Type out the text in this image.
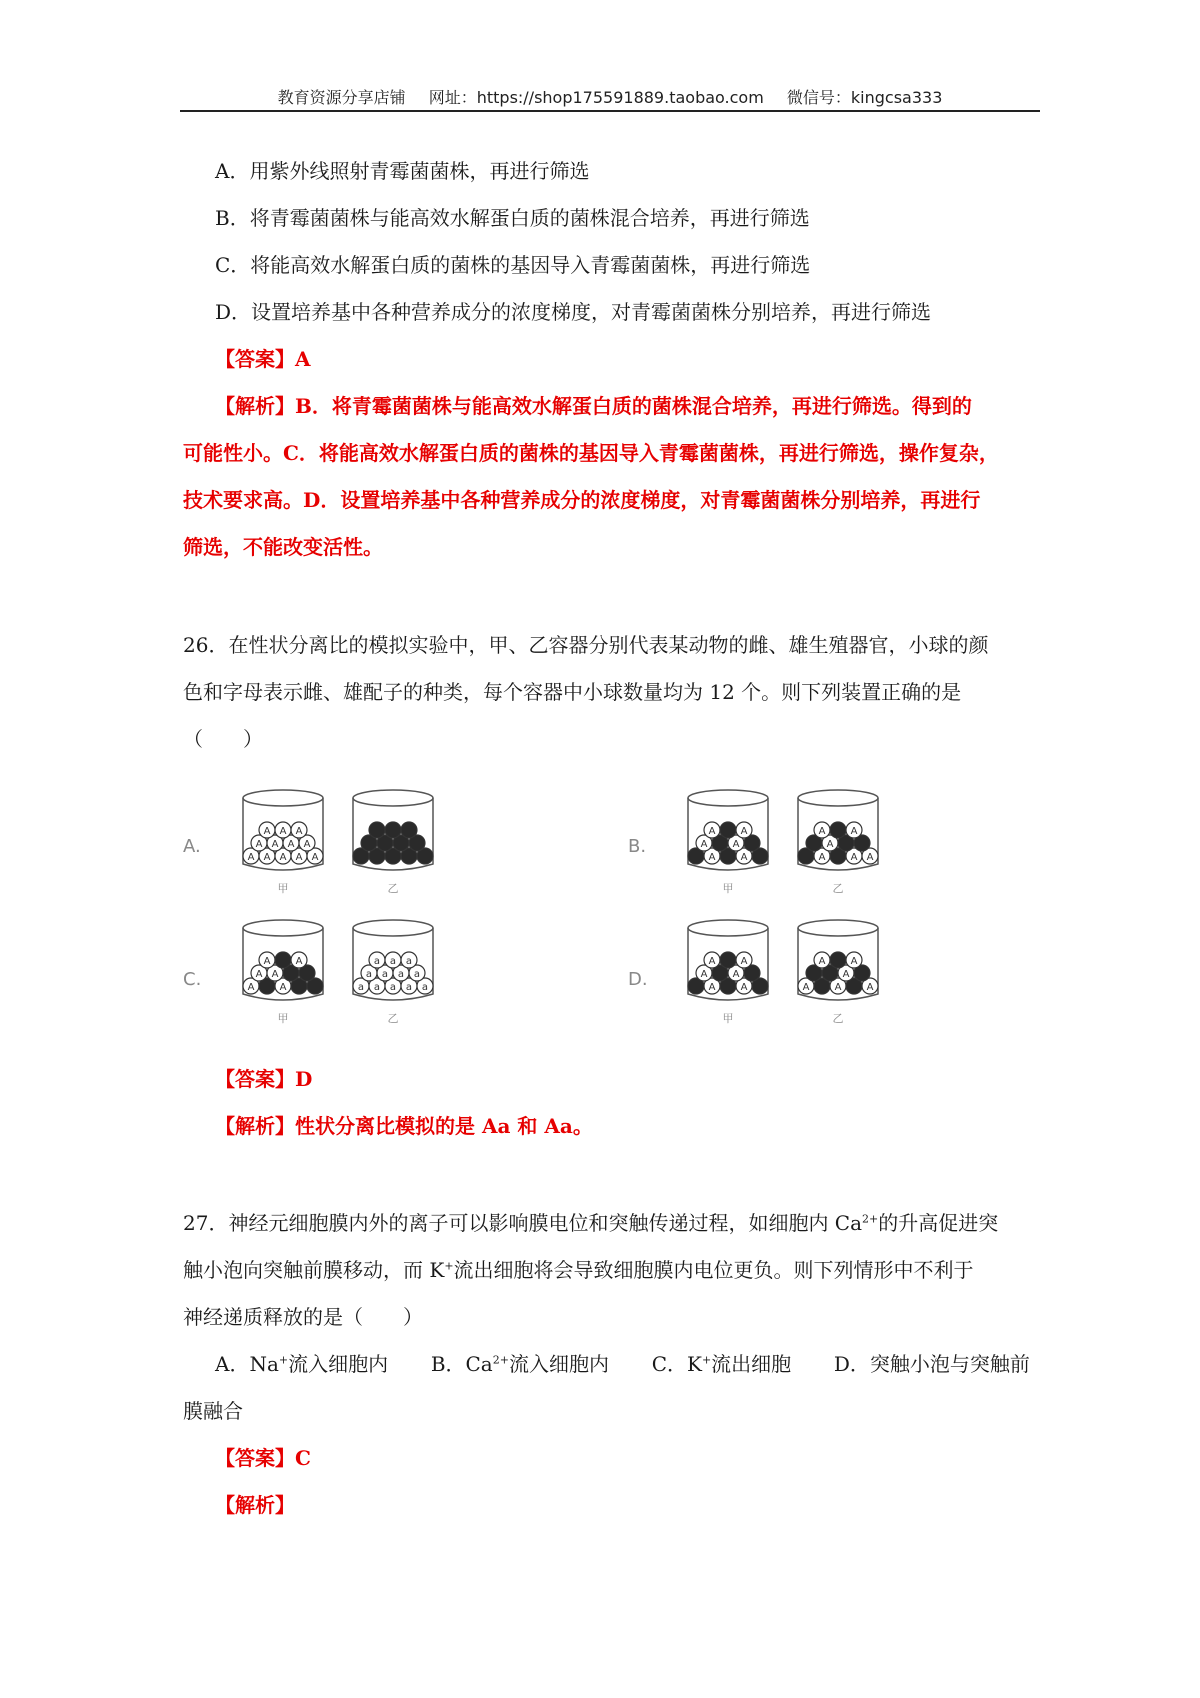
教育资源分享店铺 网址：https://shop175591889.taobao.com 微信号：kingcsa333
A．用紫外线照射青霉菌菌株，再进行筛选
B．将青霉菌菌株与能高效水解蛋白质的菌株混合培养，再进行筛选
C．将能高效水解蛋白质的菌株的基因导入青霉菌菌株，再进行筛选
D．设置培养基中各种营养成分的浓度梯度，对青霉菌菌株分别培养，再进行筛选
【答案】A
【解析】B．将青霉菌菌株与能高效水解蛋白质的菌株混合培养，再进行筛选。得到的
可能性小。C．将能高效水解蛋白质的菌株的基因导入青霉菌菌株，再进行筛选，操作复杂，
技术要求高。D．设置培养基中各种营养成分的浓度梯度，对青霉菌菌株分别培养，再进行
筛选，不能改变活性。
26．在性状分离比的模拟实验中，甲、乙容器分别代表某动物的雌、雄生殖器官，小球的颜
色和字母表示雌、雄配子的种类，每个容器中小球数量均为 12 个。则下列装置正确的是
（　　）
A.
A A A A A
A A A A
A A A
甲	乙
B.
A	A
A	A
A	A
甲
A	A A
A
A	A
乙
C.	A	A
A A
A	A
甲
a a a a a
a a a a
a a a
乙
D.	A	A
A	A
A	A
甲
A	A	A
A
A	A
乙
【答案】D
【解析】性状分离比模拟的是 Aa 和 Aa。
27．神经元细胞膜内外的离子可以影响膜电位和突触传递过程，如细胞内 $Ca^{2+}$的升高促进突
触小泡向突触前膜移动，而 K+流出细胞将会导致细胞膜内电位更负。则下列情形中不利于
神经递质释放的是（　　）
A．Na+流入细胞内 B．$Ca^{2+}$流入细胞内 C．K+流出细胞 D．突触小泡与突触前
膜融合
【答案】C
【解析】
